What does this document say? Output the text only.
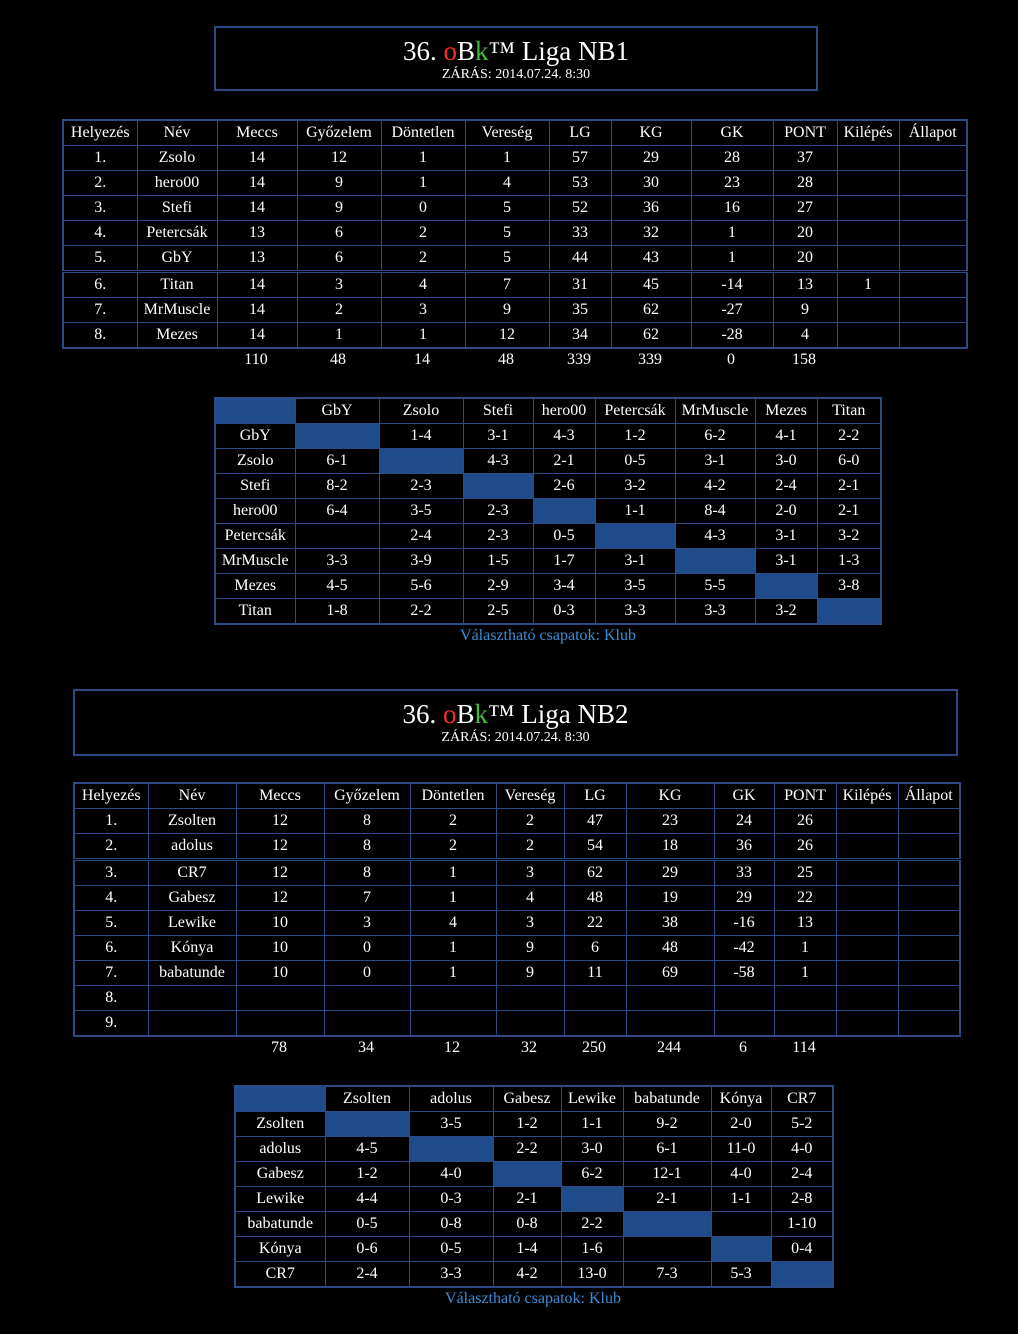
36. oBk™ Liga NB1
ZÁRÁS: 2014.07.24. 8:30
Helyezés	Név	Meccs	Győzelem	Döntetlen	Vereség	LG	KG	GK	PONT	Kilépés	Állapot
1.	Zsolo	14	12	1	1	57	29	28	37		
2.	hero00	14	9	1	4	53	30	23	28		
3.	Stefi	14	9	0	5	52	36	16	27		
4.	Petercsák	13	6	2	5	33	32	1	20		
5.	GbY	13	6	2	5	44	43	1	20		
6.	Titan	14	3	4	7	31	45	-14	13	1	
7.	MrMuscle	14	2	3	9	35	62	-27	9		
8.	Mezes	14	1	1	12	34	62	-28	4		
		110	48	14	48	339	339	0	158		
	GbY	Zsolo	Stefi	hero00	Petercsák	MrMuscle	Mezes	Titan
GbY		1-4	3-1	4-3	1-2	6-2	4-1	2-2
Zsolo	6-1		4-3	2-1	0-5	3-1	3-0	6-0
Stefi	8-2	2-3		2-6	3-2	4-2	2-4	2-1
hero00	6-4	3-5	2-3		1-1	8-4	2-0	2-1
Petercsák		2-4	2-3	0-5		4-3	3-1	3-2
MrMuscle	3-3	3-9	1-5	1-7	3-1		3-1	1-3
Mezes	4-5	5-6	2-9	3-4	3-5	5-5		3-8
Titan	1-8	2-2	2-5	0-3	3-3	3-3	3-2	
Választható csapatok: Klub
36. oBk™ Liga NB2
ZÁRÁS: 2014.07.24. 8:30
Helyezés	Név	Meccs	Győzelem	Döntetlen	Vereség	LG	KG	GK	PONT	Kilépés	Állapot
1.	Zsolten	12	8	2	2	47	23	24	26		
2.	adolus	12	8	2	2	54	18	36	26		
3.	CR7	12	8	1	3	62	29	33	25		
4.	Gabesz	12	7	1	4	48	19	29	22		
5.	Lewike	10	3	4	3	22	38	-16	13		
6.	Kónya	10	0	1	9	6	48	-42	1		
7.	babatunde	10	0	1	9	11	69	-58	1		
8.											
9.											
		78	34	12	32	250	244	6	114		
	Zsolten	adolus	Gabesz	Lewike	babatunde	Kónya	CR7
Zsolten		3-5	1-2	1-1	9-2	2-0	5-2
adolus	4-5		2-2	3-0	6-1	11-0	4-0
Gabesz	1-2	4-0		6-2	12-1	4-0	2-4
Lewike	4-4	0-3	2-1		2-1	1-1	2-8
babatunde	0-5	0-8	0-8	2-2			1-10
Kónya	0-6	0-5	1-4	1-6			0-4
CR7	2-4	3-3	4-2	13-0	7-3	5-3	
Választható csapatok: Klub
